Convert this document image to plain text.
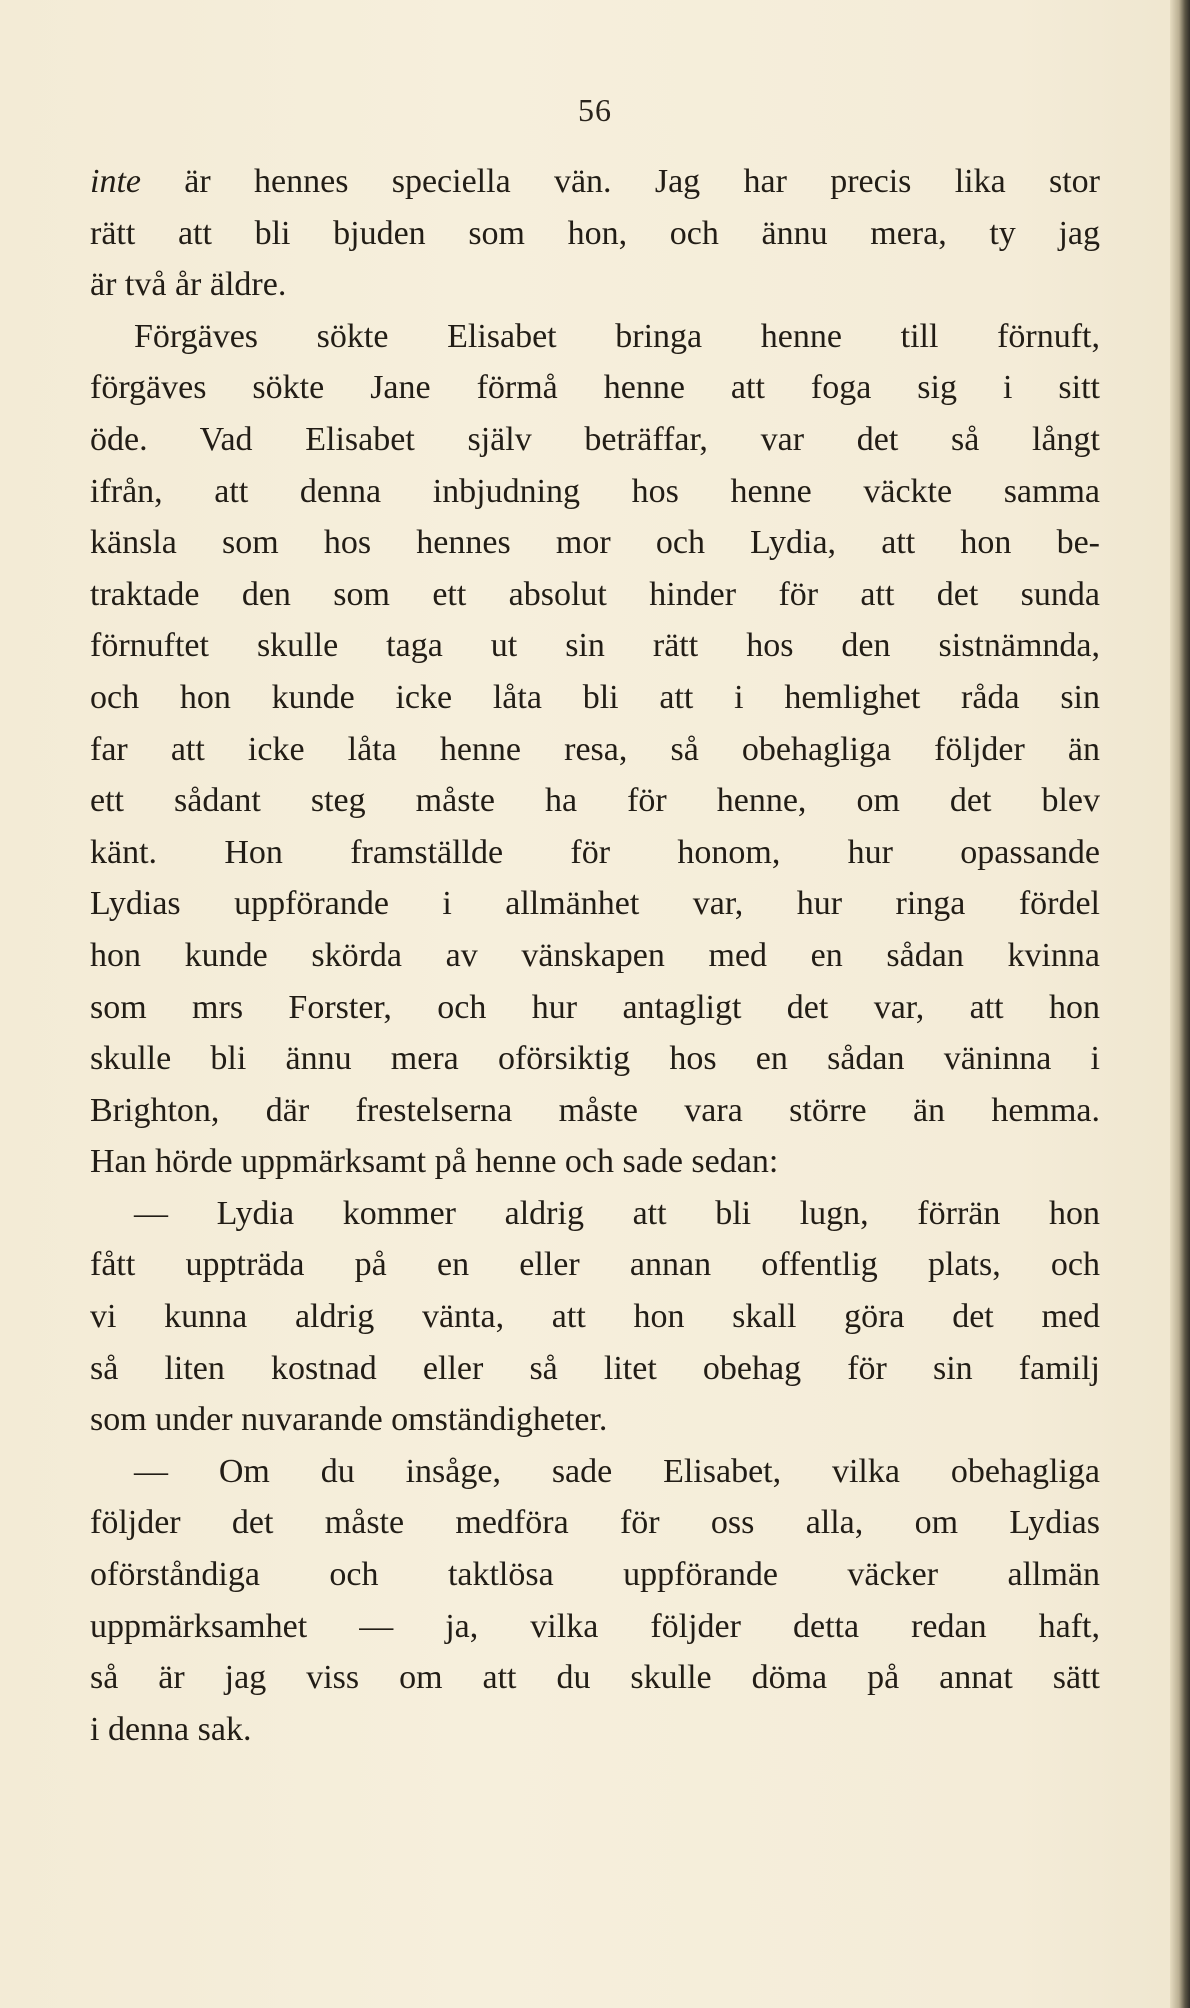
56
inte är hennes speciella vän. Jag har precis lika stor
rätt att bli bjuden som hon, och ännu mera, ty jag
är två år äldre.
Förgäves sökte Elisabet bringa henne till förnuft,
förgäves sökte Jane förmå henne att foga sig i sitt
öde. Vad Elisabet själv beträffar, var det så långt
ifrån, att denna inbjudning hos henne väckte samma
känsla som hos hennes mor och Lydia, att hon be-
traktade den som ett absolut hinder för att det sunda
förnuftet skulle taga ut sin rätt hos den sistnämnda,
och hon kunde icke låta bli att i hemlighet råda sin
far att icke låta henne resa, så obehagliga följder än
ett sådant steg måste ha för henne, om det blev
känt. Hon framställde för honom, hur opassande
Lydias uppförande i allmänhet var, hur ringa fördel
hon kunde skörda av vänskapen med en sådan kvinna
som mrs Forster, och hur antagligt det var, att hon
skulle bli ännu mera oförsiktig hos en sådan väninna i
Brighton, där frestelserna måste vara större än hemma.
Han hörde uppmärksamt på henne och sade sedan:
— Lydia kommer aldrig att bli lugn, förrän hon
fått uppträda på en eller annan offentlig plats, och
vi kunna aldrig vänta, att hon skall göra det med
så liten kostnad eller så litet obehag för sin familj
som under nuvarande omständigheter.
— Om du insåge, sade Elisabet, vilka obehagliga
följder det måste medföra för oss alla, om Lydias
oförståndiga och taktlösa uppförande väcker allmän
uppmärksamhet — ja, vilka följder detta redan haft,
så är jag viss om att du skulle döma på annat sätt
i denna sak.
